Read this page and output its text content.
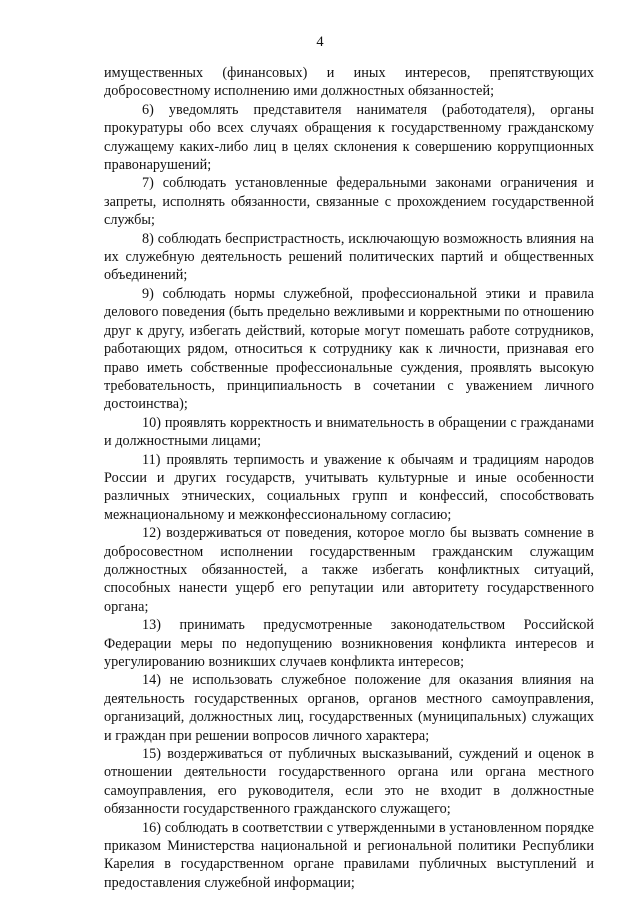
4

имущественных (финансовых) и иных интересов, препятствующих добросовестному исполнению ими должностных обязанностей;

6) уведомлять представителя нанимателя (работодателя), органы прокуратуры обо всех случаях обращения к государственному гражданскому служащему каких-либо лиц в целях склонения к совершению коррупционных правонарушений;

7) соблюдать установленные федеральными законами ограничения и запреты, исполнять обязанности, связанные с прохождением государственной службы;

8) соблюдать беспристрастность, исключающую возможность влияния на их служебную деятельность решений политических партий и общественных объединений;

9) соблюдать нормы служебной, профессиональной этики и правила делового поведения (быть предельно вежливыми и корректными по отношению друг к другу, избегать действий, которые могут помешать работе сотрудников, работающих рядом, относиться к сотруднику как к личности, признавая его право иметь собственные профессиональные суждения, проявлять высокую требовательность, принципиальность в сочетании с уважением личного достоинства);

10) проявлять корректность и внимательность в обращении с гражданами и должностными лицами;

11) проявлять терпимость и уважение к обычаям и традициям народов России и других государств, учитывать культурные и иные особенности различных этнических, социальных групп и конфессий, способствовать межнациональному и межконфессиональному согласию;

12) воздерживаться от поведения, которое могло бы вызвать сомнение в добросовестном исполнении государственным гражданским служащим должностных обязанностей, а также избегать конфликтных ситуаций, способных нанести ущерб его репутации или авторитету государственного органа;

13) принимать предусмотренные законодательством Российской Федерации меры по недопущению возникновения конфликта интересов и урегулированию возникших случаев конфликта интересов;

14) не использовать служебное положение для оказания влияния на деятельность государственных органов, органов местного самоуправления, организаций, должностных лиц, государственных (муниципальных) служащих и граждан при решении вопросов личного характера;

15) воздерживаться от публичных высказываний, суждений и оценок в отношении деятельности государственного органа или органа местного самоуправления, его руководителя, если это не входит в должностные обязанности государственного гражданского служащего;

16) соблюдать в соответствии с утвержденными в установленном порядке приказом Министерства национальной и региональной политики Республики Карелия в государственном органе правилами публичных выступлений и предоставления служебной информации;
